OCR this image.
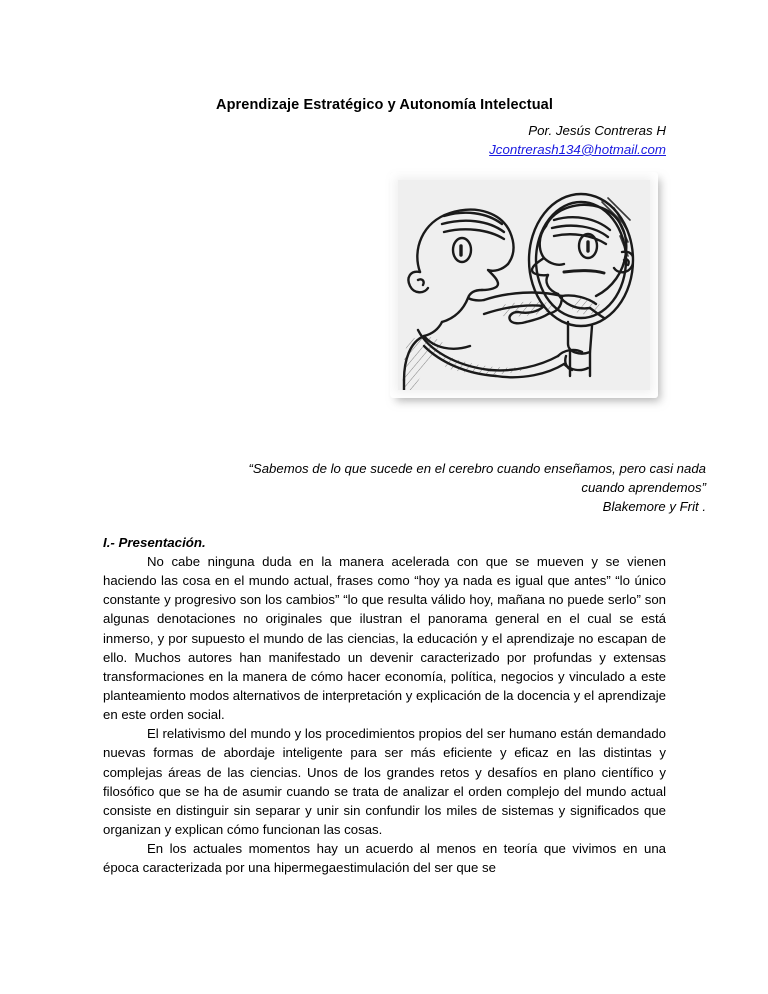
Aprendizaje Estratégico y Autonomía Intelectual
Por. Jesús Contreras H
Jcontrerash134@hotmail.com
“Sabemos de lo que sucede en el cerebro cuando enseñamos, pero casi nada
cuando aprendemos”
Blakemore y Frit .
I.- Presentación.

No cabe ninguna duda en la manera acelerada con que se mueven y se vienen haciendo las cosa en el mundo actual, frases como “hoy ya nada es igual que antes” “lo único constante y progresivo son los cambios” “lo que resulta válido hoy, mañana no puede serlo” son algunas denotaciones no originales que ilustran el panorama general en el cual se está inmerso, y por supuesto el mundo de las ciencias, la educación y el aprendizaje no escapan de ello. Muchos autores han manifestado un devenir caracterizado por profundas y extensas transformaciones en la manera de cómo hacer economía, política, negocios y vinculado a este planteamiento modos alternativos de interpretación y explicación de la docencia y el aprendizaje en este orden social.

El relativismo del mundo y los procedimientos propios del ser humano están demandado nuevas formas de abordaje inteligente para ser más eficiente y eficaz en las distintas y complejas áreas de las ciencias. Unos de los grandes retos y desafíos en plano científico y filosófico que se ha de asumir cuando se trata de analizar el orden complejo del mundo actual consiste en distinguir sin separar y unir sin confundir los miles de sistemas y significados que organizan y explican cómo funcionan las cosas.

En los actuales momentos hay un acuerdo al menos en teoría que vivimos en una época caracterizada por una hipermegaestimulación del ser que se
